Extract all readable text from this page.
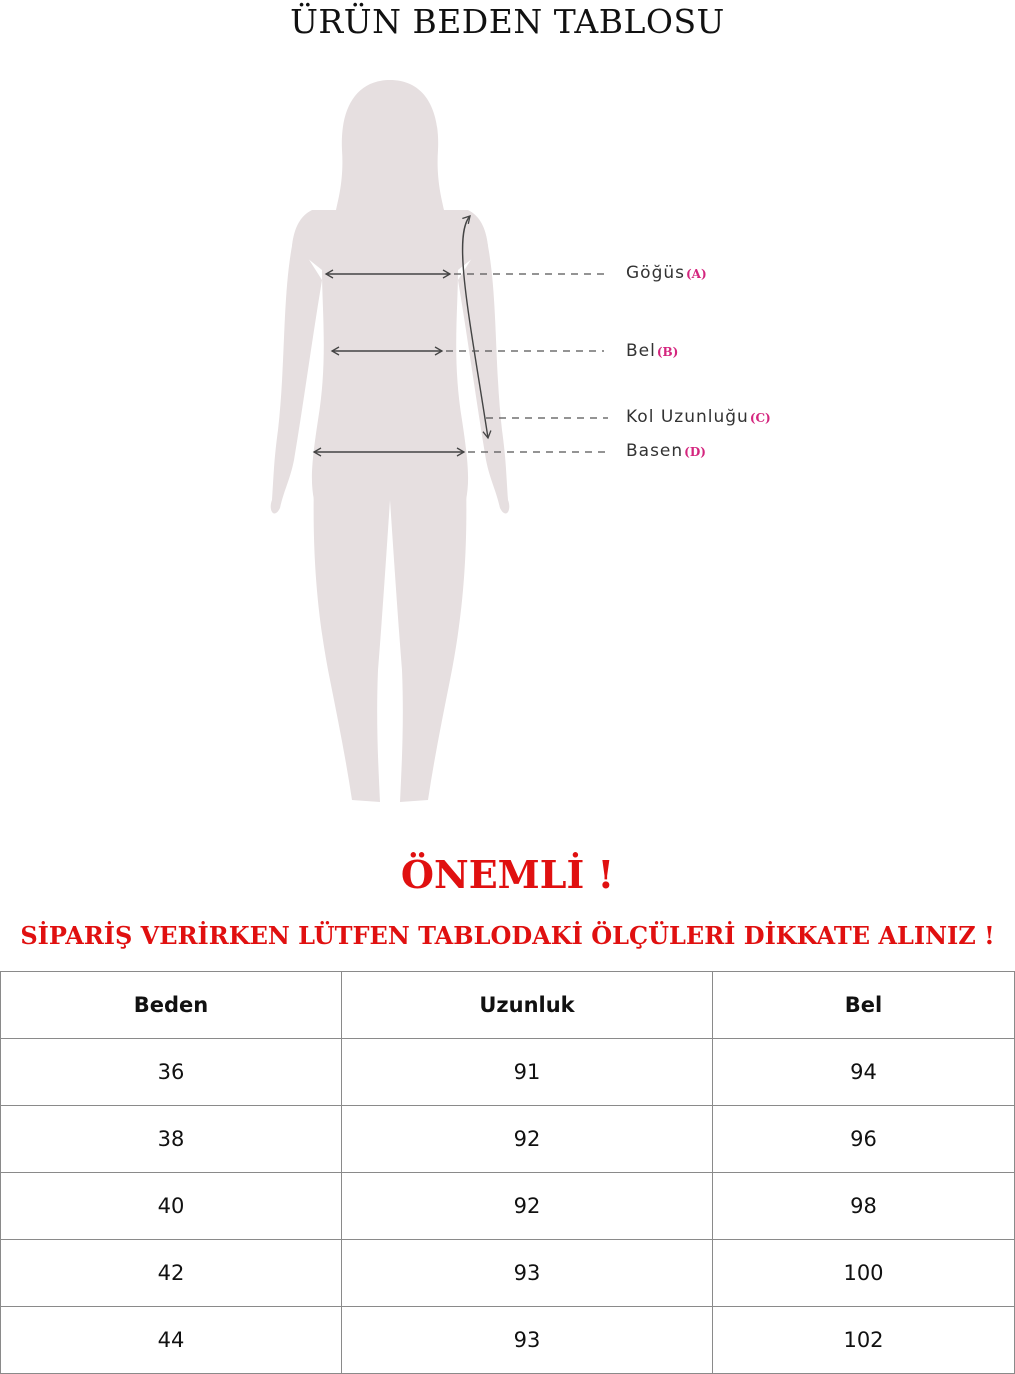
ÜRÜN BEDEN TABLOSU
Göğüs(A)
Bel(B)
Kol Uzunluğu(C)
Basen(D)
ÖNEMLİ !
SİPARİŞ VERİRKEN LÜTFEN TABLODAKİ ÖLÇÜLERİ DİKKATE ALINIZ !
Beden	Uzunluk	Bel
36	91	94
38	92	96
40	92	98
42	93	100
44	93	102
